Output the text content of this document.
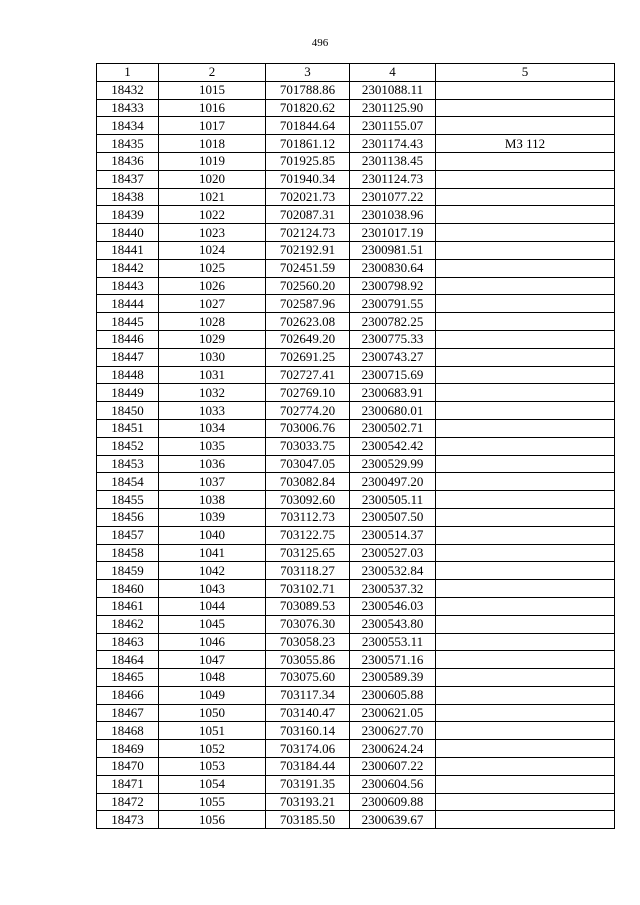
496
1	2	3	4	5
18432	1015	701788.86	2301088.11	
18433	1016	701820.62	2301125.90	
18434	1017	701844.64	2301155.07	
18435	1018	701861.12	2301174.43	МЗ 112
18436	1019	701925.85	2301138.45	
18437	1020	701940.34	2301124.73	
18438	1021	702021.73	2301077.22	
18439	1022	702087.31	2301038.96	
18440	1023	702124.73	2301017.19	
18441	1024	702192.91	2300981.51	
18442	1025	702451.59	2300830.64	
18443	1026	702560.20	2300798.92	
18444	1027	702587.96	2300791.55	
18445	1028	702623.08	2300782.25	
18446	1029	702649.20	2300775.33	
18447	1030	702691.25	2300743.27	
18448	1031	702727.41	2300715.69	
18449	1032	702769.10	2300683.91	
18450	1033	702774.20	2300680.01	
18451	1034	703006.76	2300502.71	
18452	1035	703033.75	2300542.42	
18453	1036	703047.05	2300529.99	
18454	1037	703082.84	2300497.20	
18455	1038	703092.60	2300505.11	
18456	1039	703112.73	2300507.50	
18457	1040	703122.75	2300514.37	
18458	1041	703125.65	2300527.03	
18459	1042	703118.27	2300532.84	
18460	1043	703102.71	2300537.32	
18461	1044	703089.53	2300546.03	
18462	1045	703076.30	2300543.80	
18463	1046	703058.23	2300553.11	
18464	1047	703055.86	2300571.16	
18465	1048	703075.60	2300589.39	
18466	1049	703117.34	2300605.88	
18467	1050	703140.47	2300621.05	
18468	1051	703160.14	2300627.70	
18469	1052	703174.06	2300624.24	
18470	1053	703184.44	2300607.22	
18471	1054	703191.35	2300604.56	
18472	1055	703193.21	2300609.88	
18473	1056	703185.50	2300639.67	
